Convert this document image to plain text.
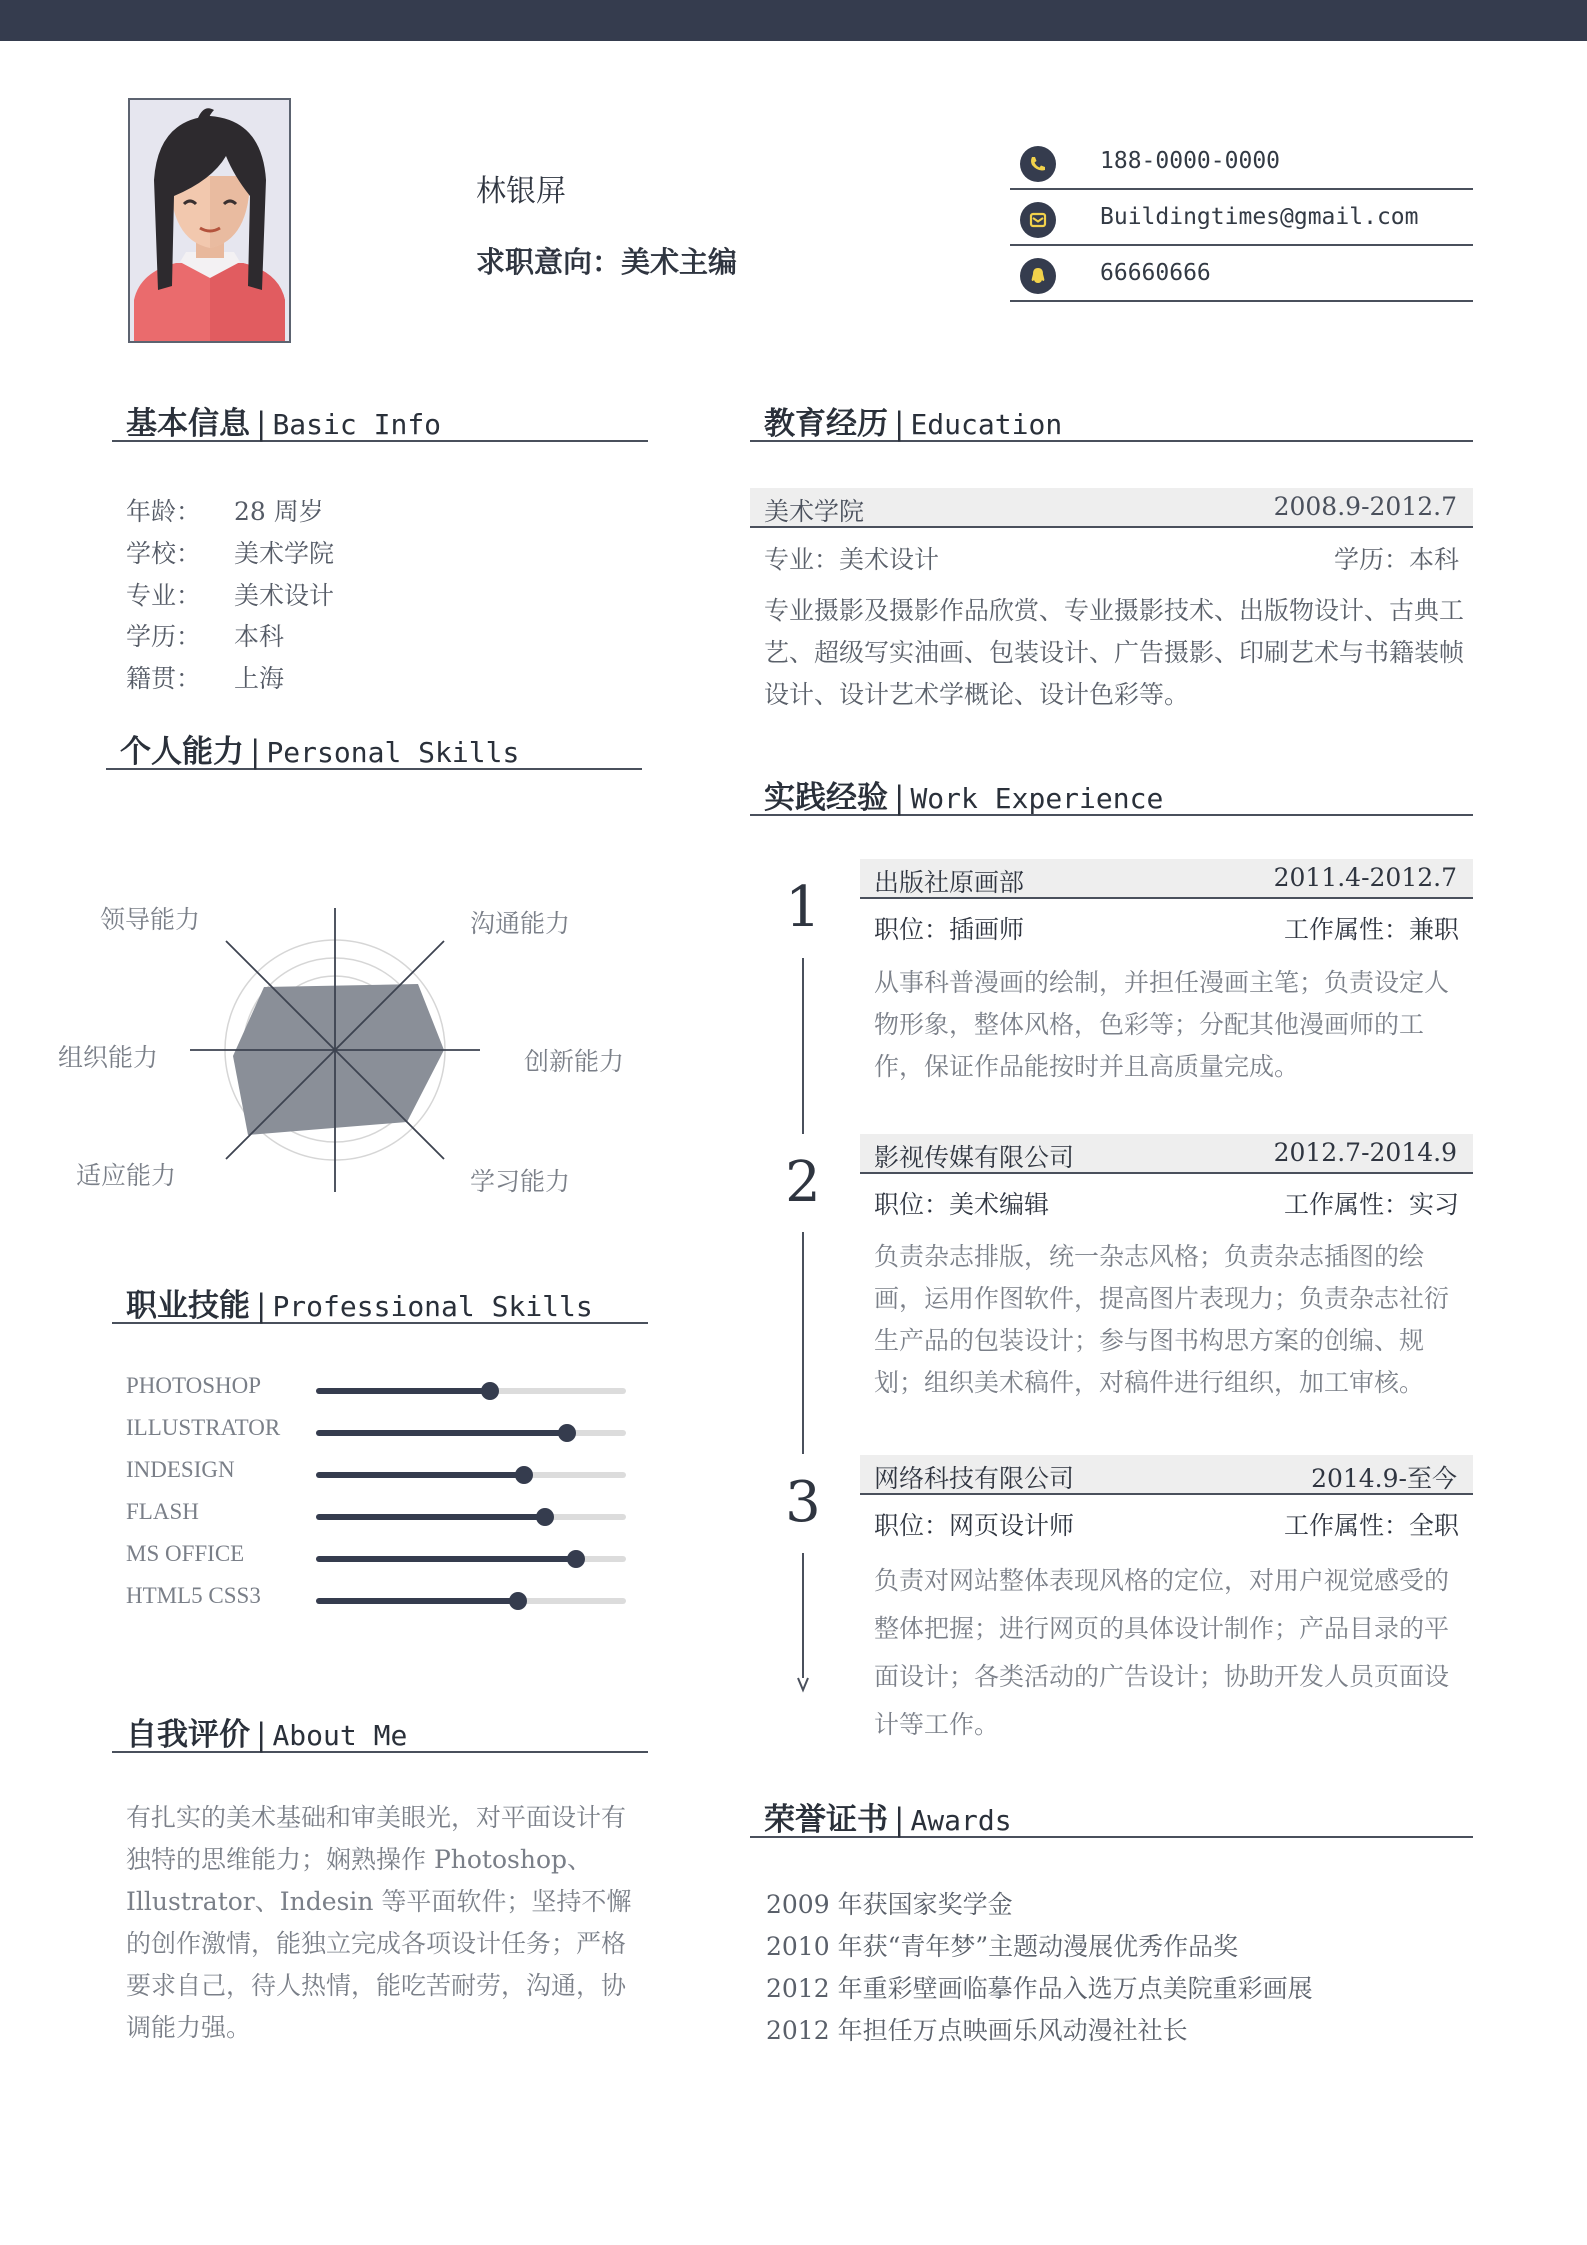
林银屏
求职意向：美术主编
188-0000-0000
Buildingtimes@gmail.com
66660666
基本信息 | Basic Info
年龄： 28 周岁
学校： 美术学院
专业： 美术设计
学历： 本科
籍贯： 上海
个人能力 | Personal Skills
领导能力	沟通能力
创新能力
学习能力
适应能力
组织能力
职业技能 | Professional Skills
PHOTOSHOP
ILLUSTRATOR
INDESIGN
FLASH
MS OFFICE
HTML5 CSS3
自我评价 | About Me
有扎实的美术基础和审美眼光，对平面设计有独特的思维能力；娴熟操作 Photoshop、Illustrator、Indesin 等平面软件；坚持不懈的创作激情，能独立完成各项设计任务；严格要求自己，待人热情，能吃苦耐劳，沟通，协调能力强。
教育经历 | Education
美术学院	2008.9-2012.7
专业：美术设计	学历：本科
专业摄影及摄影作品欣赏、专业摄影技术、出版物设计、古典工艺、超级写实油画、包装设计、广告摄影、印刷艺术与书籍装帧设计、设计艺术学概论、设计色彩等。
实践经验 | Work Experience
1
2
3
出版社原画部	2011.4-2012.7
职位：插画师	工作属性：兼职
从事科普漫画的绘制，并担任漫画主笔；负责设定人物形象，整体风格，色彩等；分配其他漫画师的工作，保证作品能按时并且高质量完成。
影视传媒有限公司	2012.7-2014.9
职位：美术编辑	工作属性：实习
负责杂志排版，统一杂志风格；负责杂志插图的绘画，运用作图软件，提高图片表现力；负责杂志社衍生产品的包装设计；参与图书构思方案的创编、规划；组织美术稿件，对稿件进行组织，加工审核。
网络科技有限公司	2014.9-至今
职位：网页设计师	工作属性：全职
负责对网站整体表现风格的定位，对用户视觉感受的整体把握；进行网页的具体设计制作；产品目录的平面设计；各类活动的广告设计；协助开发人员页面设计等工作。
荣誉证书 | Awards
2009 年获国家奖学金
2010 年获“青年梦”主题动漫展优秀作品奖
2012 年重彩壁画临摹作品入选万点美院重彩画展
2012 年担任万点映画乐风动漫社社长
